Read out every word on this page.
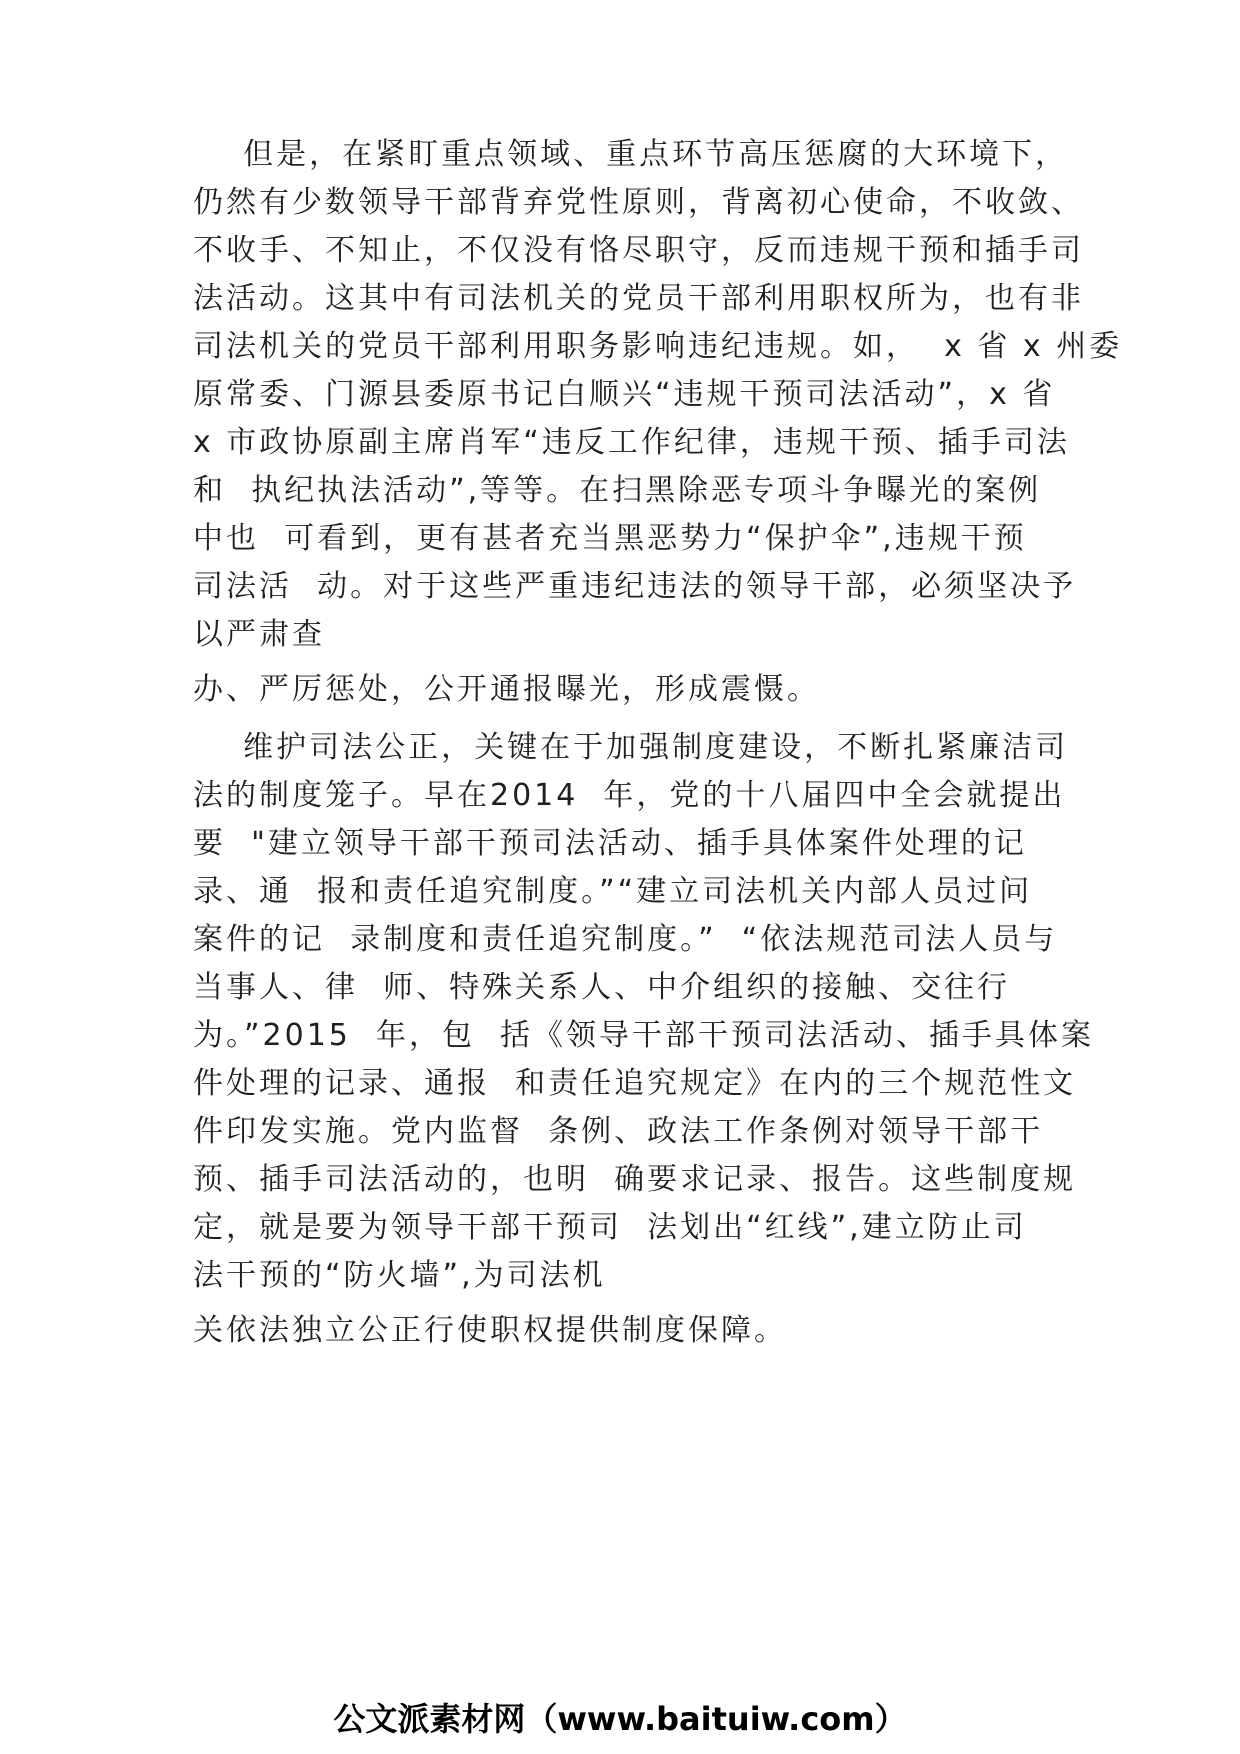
但是，在紧盯重点领域、重点环节高压惩腐的大环境下，
仍然有少数领导干部背弃党性原则，背离初心使命，不收敛、
不收手、不知止，不仅没有恪尽职守，反而违规干预和插手司
法活动。这其中有司法机关的党员干部利用职权所为，也有非
司法机关的党员干部利用职务影响违纪违规。如，  x 省 x 州委
原常委、门源县委原书记白顺兴“违规干预司法活动”，x 省
x 市政协原副主席肖军“违反工作纪律，违规干预、插手司法
和  执纪执法活动”,等等。在扫黑除恶专项斗争曝光的案例
中也  可看到，更有甚者充当黑恶势力“保护伞”,违规干预
司法活  动。对于这些严重违纪违法的领导干部，必须坚决予
以严肃查
办、严厉惩处，公开通报曝光，形成震慑。
维护司法公正，关键在于加强制度建设，不断扎紧廉洁司
法的制度笼子。早在2014  年，党的十八届四中全会就提出
要  "建立领导干部干预司法活动、插手具体案件处理的记
录、通  报和责任追究制度。”“建立司法机关内部人员过问
案件的记  录制度和责任追究制度。”  “依法规范司法人员与
当事人、律  师、特殊关系人、中介组织的接触、交往行
为。”2015  年，包  括《领导干部干预司法活动、插手具体案
件处理的记录、通报  和责任追究规定》在内的三个规范性文
件印发实施。党内监督  条例、政法工作条例对领导干部干
预、插手司法活动的，也明  确要求记录、报告。这些制度规
定，就是要为领导干部干预司  法划出“红线”,建立防止司
法干预的“防火墙”,为司法机
关依法独立公正行使职权提供制度保障。
公文派素材网（www.baituiw.com）
